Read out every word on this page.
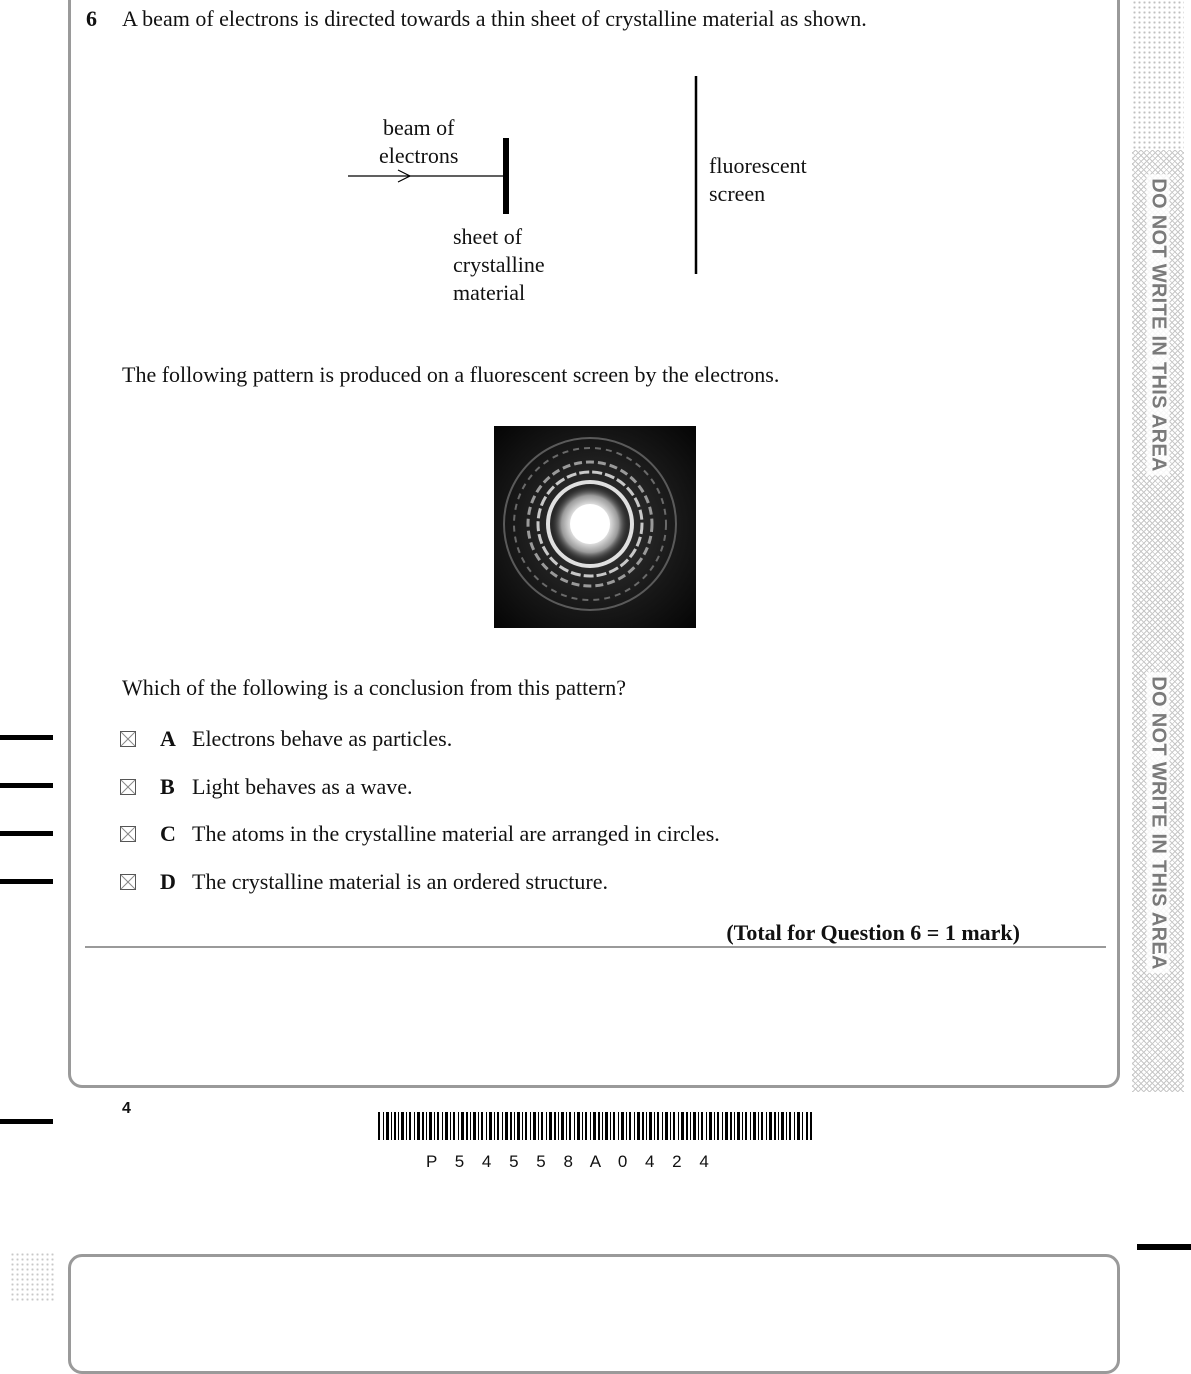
DO NOT WRITE IN THIS AREA
DO NOT WRITE IN THIS AREA
6 A beam of electrons is directed towards a thin sheet of crystalline material as shown.
beam of
electrons
sheet of
crystalline
material
fluorescent
screen
The following pattern is produced on a fluorescent screen by the electrons.
Which of the following is a conclusion from this pattern?
A Electrons behave as particles.
B Light behaves as a wave.
C The atoms in the crystalline material are arranged in circles.
D The crystalline material is an ordered structure.
(Total for Question 6 = 1 mark)
4
P 5 4 5 5 8 A 0 4 2 4
